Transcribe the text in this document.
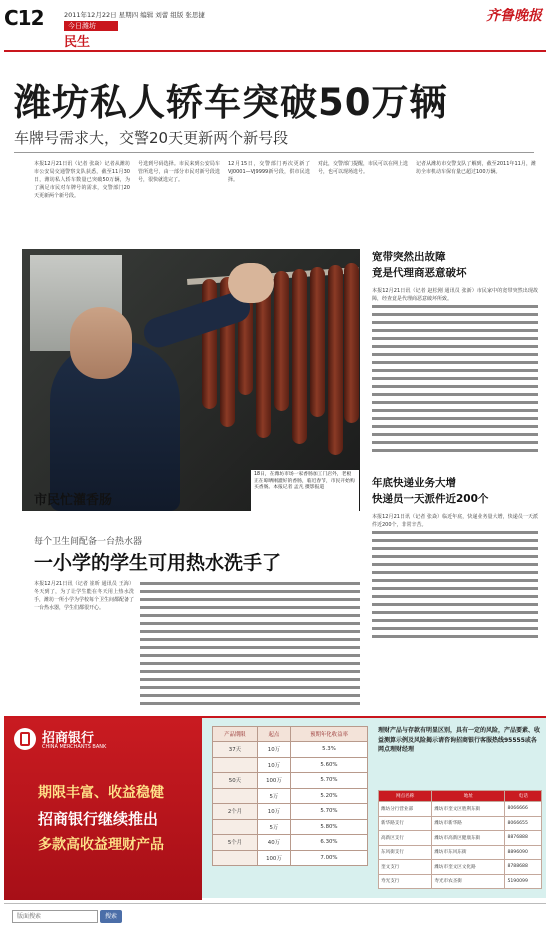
C12	2011年12月22日 星期四 编辑 刘蕾 组版 张思捷	齐鲁晚报
今日潍坊
民生
潍坊私人轿车突破50万辆
车牌号需求大，交警20天更新两个新号段
本报12月21日讯（记者 张焱）记者从潍坊市公安局交通警察支队获悉，截至11月30日，潍坊私人轿车数量已突破50万辆，为了满足市民对车牌号的需求，交警部门20天更新两个新号段。
号选到号码选择。市民来到公安局车管所选号，由一部分市民对新号段选号，很快就选完了。
12月15日，交警部门再次更新了VJ0001—VJ9999新号段，供市民选择。
对此，交警部门提醒，市民可以在网上选号，也可以现场选号。
记者从潍坊市交警支队了解到，截至2011年11月，潍坊全市机动车保有量已超过100万辆。
市民忙灌香肠
18日，在潍坊市场一家香肠加工门店外，老板正在晾晒刚灌好的香肠，临近春节，市民开始购买香肠。本报记者 孟凡 摄影报道
每个卫生间配备一台热水器
一小学的学生可用热水洗手了
本报12月21日讯（记者 崔昕 通讯员 王海）冬天到了，为了让学生能在冬天用上热水洗手，潍坊一所小学为学校每个卫生间都配备了一台热水器，学生们都很开心。
宽带突然出故障
竟是代理商恶意破坏
本报12月21日讯（记者 赵松刚 通讯员 张新）市民家中的宽带突然出现故障，经查竟是代理商恶意破坏所致。
年底快递业务大增
快递员一天派件近200个
本报12月21日讯（记者 张焱）临近年底，快递业务量大增，快递员一天派件近200个，非常辛苦。
招商银行
CHINA MERCHANTS BANK
期限丰富、收益稳健
招商银行继续推出
多款高收益理财产品
产品期限	起点	预期年化收益率
37天	10万	5.3%
	10万	5.60%
50天	100万	5.70%
	5万	5.20%
2个月	10万	5.70%
	5万	5.80%
5个月	40万	6.30%
	100万	7.00%
理财产品与存款有明显区别，具有一定的风险，产品要素、收益测算示例及风险揭示请咨询招商银行客服热线95555或各网点理财经理
网点名称	地址	电话
潍坊分行营业部	潍坊市奎文区胜利东街	8066666
新华路支行	潍坊市新华路	8066655
高新区支行	潍坊市高新区健康东街	8876888
东风街支行	潍坊市东风东街	8896090
奎文支行	潍坊市奎文区文化路	8788688
寿光支行	寿光市农圣街	5190099
版面搜索	搜索
